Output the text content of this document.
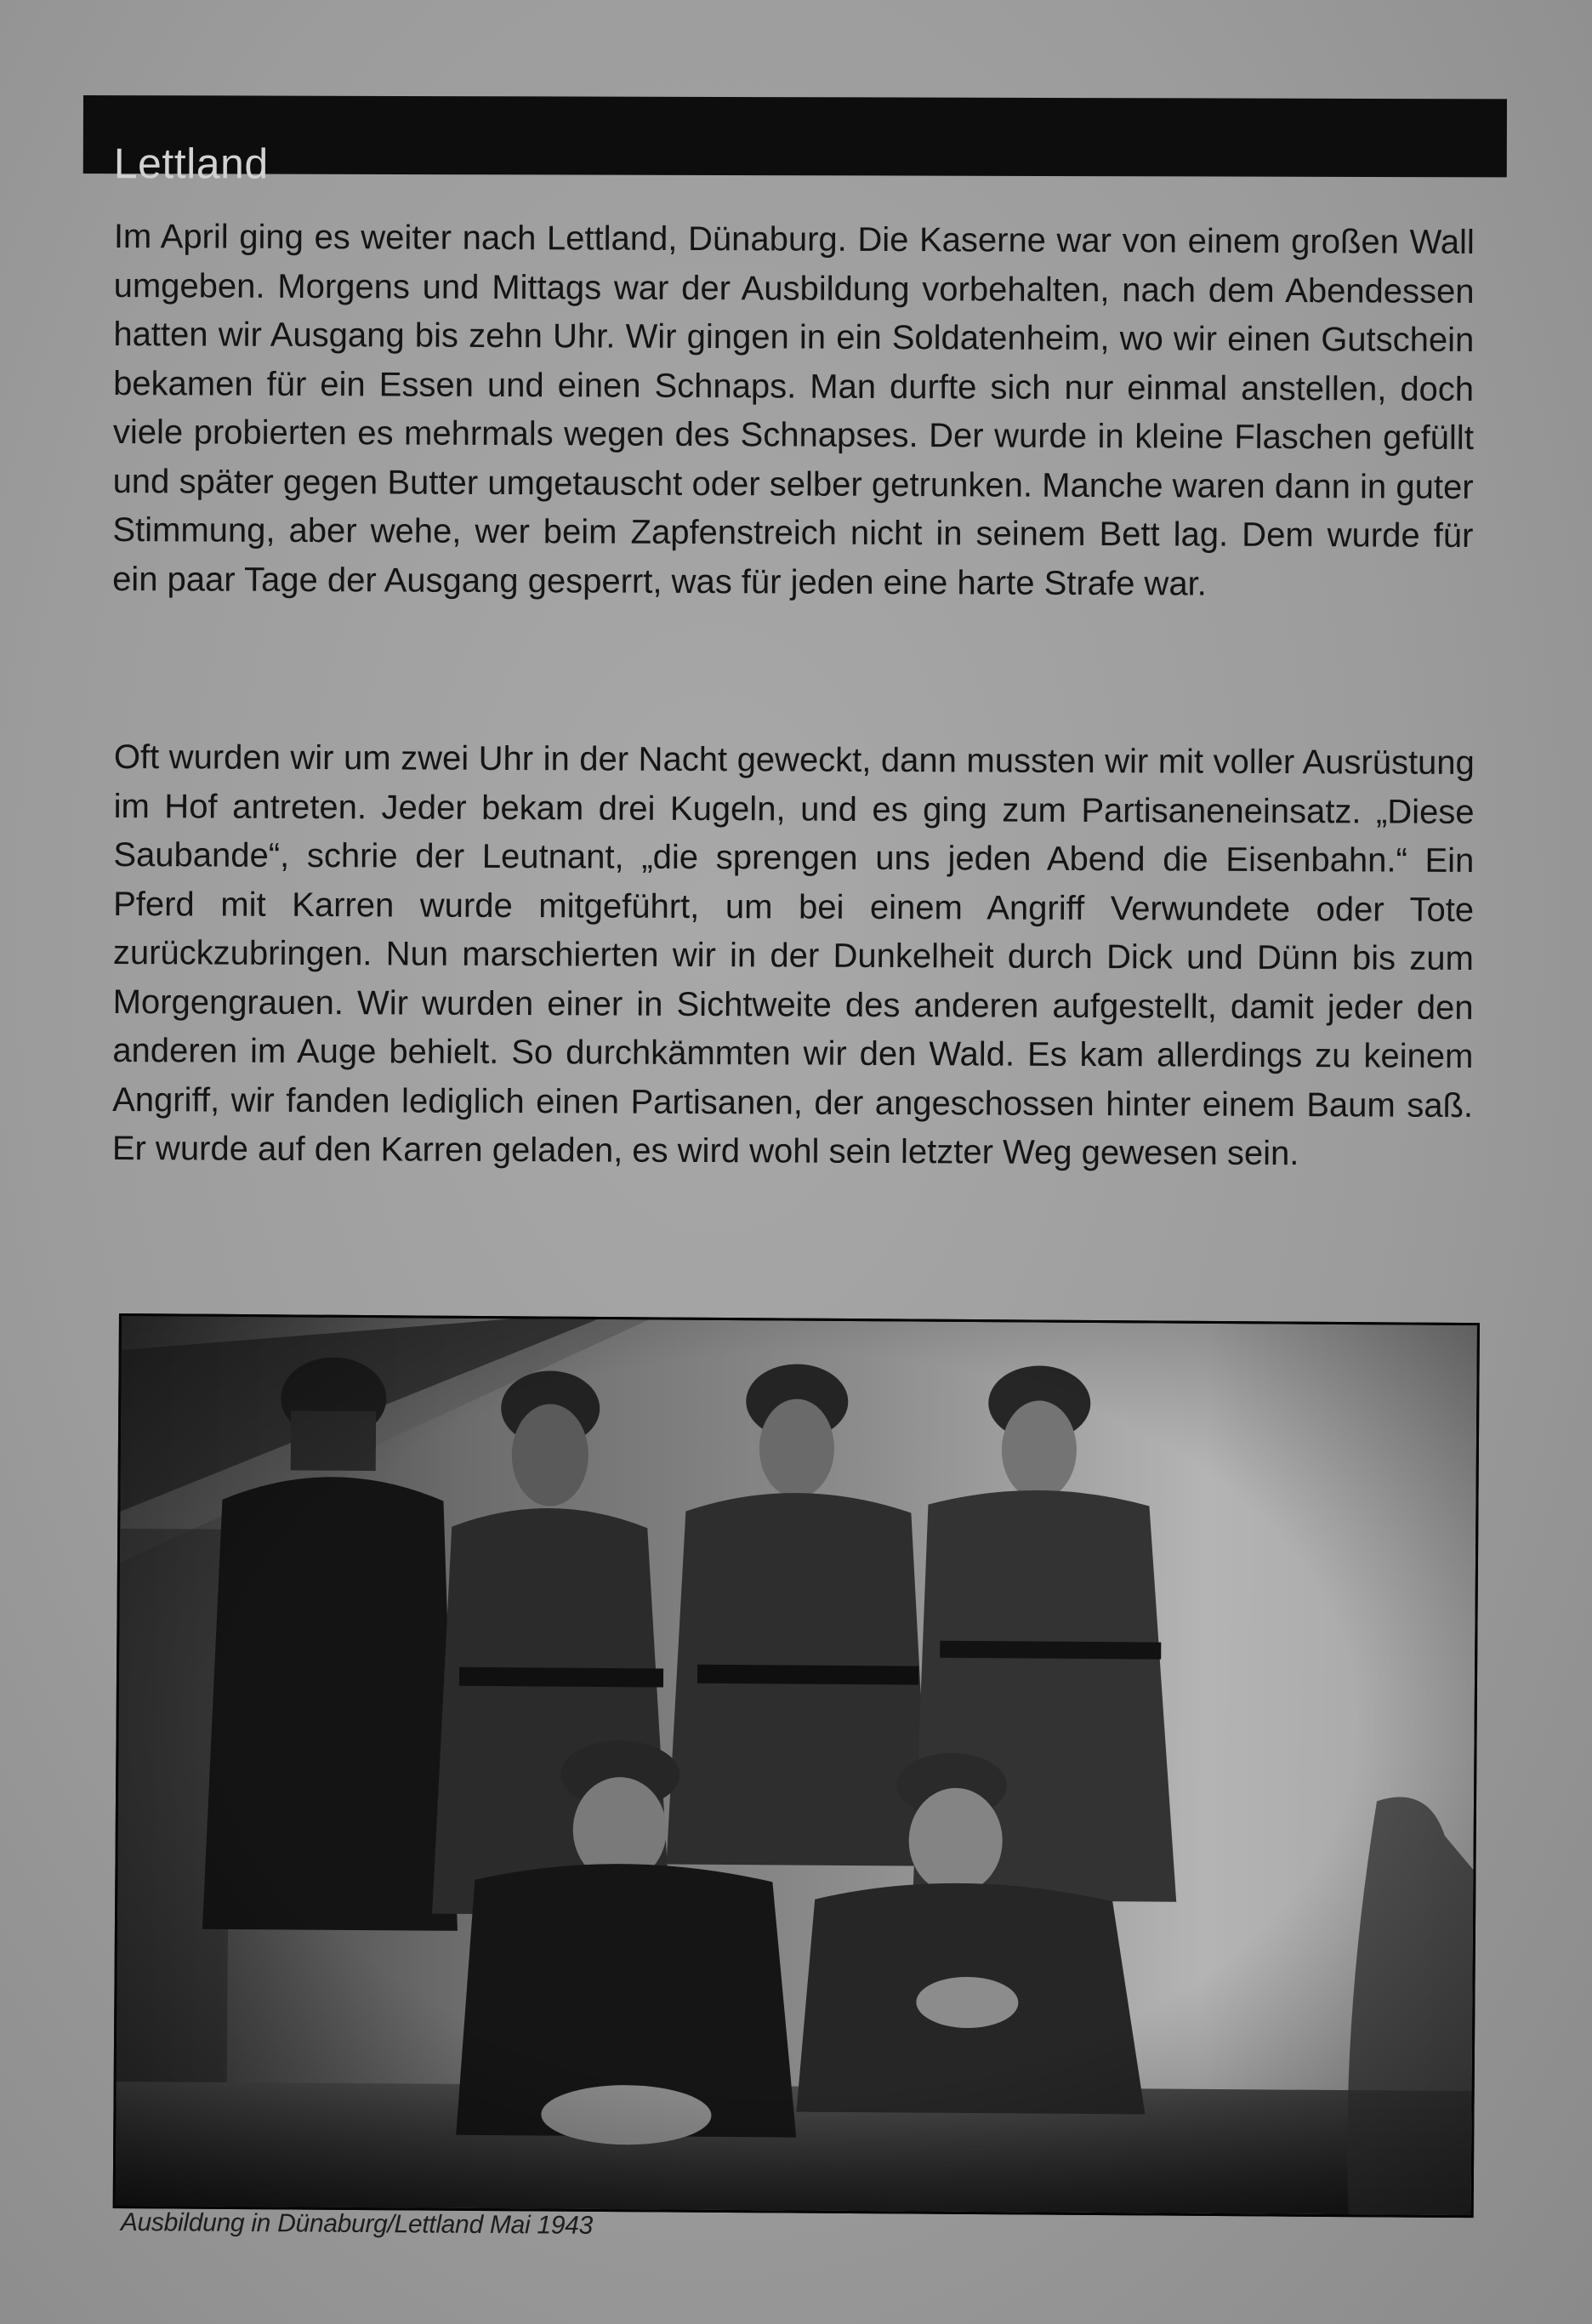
Lettland

Im April ging es weiter nach Lettland, Dünaburg. Die Kaserne war von einem großen Wall umgeben. Morgens und Mittags war der Ausbildung vorbehalten, nach dem Abendessen hatten wir Ausgang bis zehn Uhr. Wir gingen in ein Soldatenheim, wo wir einen Gutschein bekamen für ein Essen und einen Schnaps. Man durfte sich nur einmal anstellen, doch viele probierten es mehrmals wegen des Schnapses. Der wurde in kleine Flaschen gefüllt und später gegen Butter umgetauscht oder selber getrunken. Manche waren dann in guter Stimmung, aber wehe, wer beim Zapfenstreich nicht in seinem Bett lag. Dem wurde für ein paar Tage der Ausgang gesperrt, was für jeden eine harte Strafe war.

Oft wurden wir um zwei Uhr in der Nacht geweckt, dann mussten wir mit voller Ausrüstung im Hof antreten. Jeder bekam drei Kugeln, und es ging zum Partisaneneinsatz. „Diese Saubande“, schrie der Leutnant, „die sprengen uns jeden Abend die Eisenbahn.“ Ein Pferd mit Karren wurde mitgeführt, um bei einem Angriff Verwundete oder Tote zurückzubringen. Nun marschierten wir in der Dunkelheit durch Dick und Dünn bis zum Morgengrauen. Wir wurden einer in Sichtweite des anderen aufgestellt, damit jeder den anderen im Auge behielt. So durchkämmten wir den Wald. Es kam allerdings zu keinem Angriff, wir fanden lediglich einen Partisanen, der angeschossen hinter einem Baum saß. Er wurde auf den Karren geladen, es wird wohl sein letzter Weg gewesen sein.

Ausbildung in Dünaburg/Lettland Mai 1943
